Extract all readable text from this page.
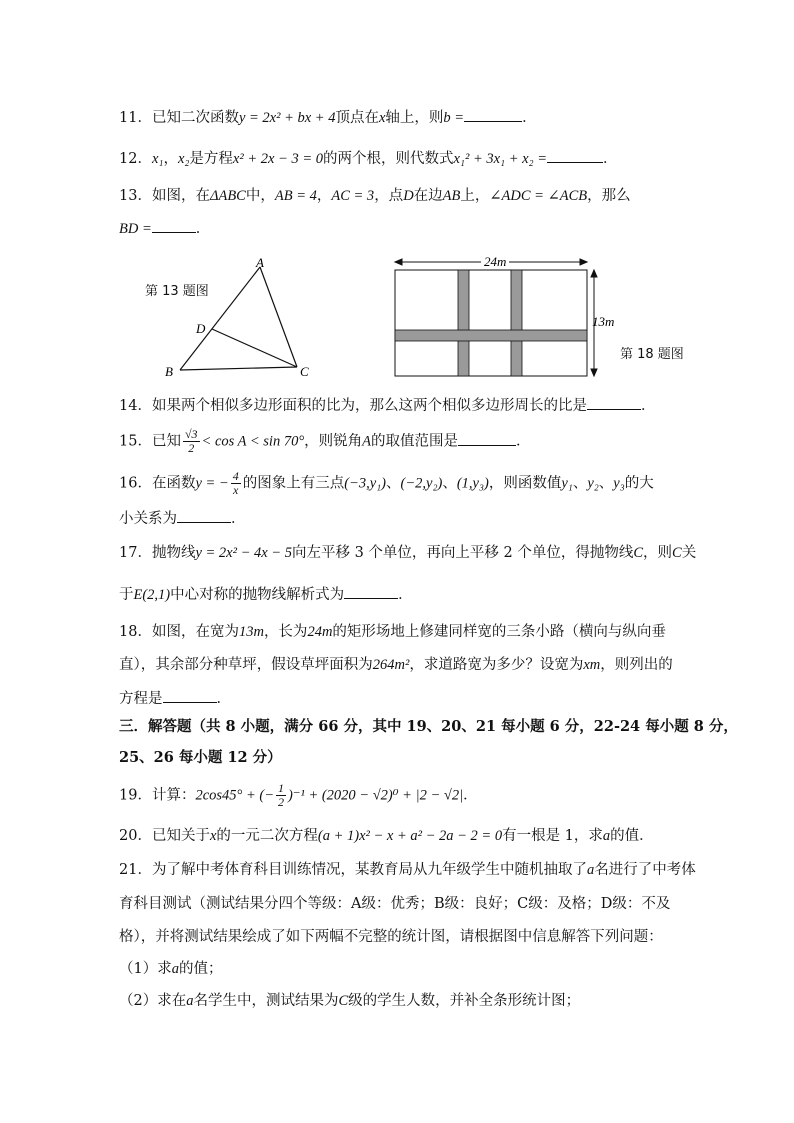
11．已知二次函数y = 2x² + bx + 4顶点在x轴上，则b =	．
12．x₁，x₂是方程x² + 2x − 3 = 0的两个根，则代数式x₁² + 3x₁ + x₂ =	．
13．如图，在ΔABC中，AB = 4，AC = 3，点D在边AB上，∠ADC = ∠ACB，那么
BD =	．
第 13 题图
A
B	C
D
24m
13m
第 18 题图
14．如果两个相似多边形面积的比为，那么这两个相似多边形周长的比是	．
15．已知 $\frac{√3}{2} < \cos A < \sin 70^\circ$，则锐角A的取值范围是	．
16．在函数y = − $\frac{4}{x}$ 的图象上有三点(−3,y₁)、(−2,y₂)、(1,y₃)，则函数值y₁、y₂、y₃的大
小关系为	．
17．抛物线y = 2x² − 4x − 5向左平移 3 个单位，再向上平移 2 个单位，得抛物线C，则C关
于E(2,1)中心对称的抛物线解析式为	．
18．如图，在宽为13m，长为24m的矩形场地上修建同样宽的三条小路（横向与纵向垂
直），其余部分种草坪，假设草坪面积为264m²，求道路宽为多少？设宽为xm，则列出的
方程是	．
三．解答题（共 8 小题，满分 66 分，其中 19、20、21 每小题 6 分，22-24 每小题 8 分，
25、26 每小题 12 分）
19．计算：2cos45° + (− $\frac{1}{2} )^{-1} + (2020 - √2)^0 + |2 - √2|$．
20．已知关于x的一元二次方程(a + 1)x² − x + a² − 2a − 2 = 0有一根是 1，求a的值．
21．为了解中考体育科目训练情况，某教育局从九年级学生中随机抽取了a名进行了中考体
育科目测试（测试结果分四个等级：A级：优秀；B级：良好；C级：及格；D级：不及
格），并将测试结果绘成了如下两幅不完整的统计图，请根据图中信息解答下列问题：
（1）求a的值；
（2）求在a名学生中，测试结果为C级的学生人数，并补全条形统计图；
